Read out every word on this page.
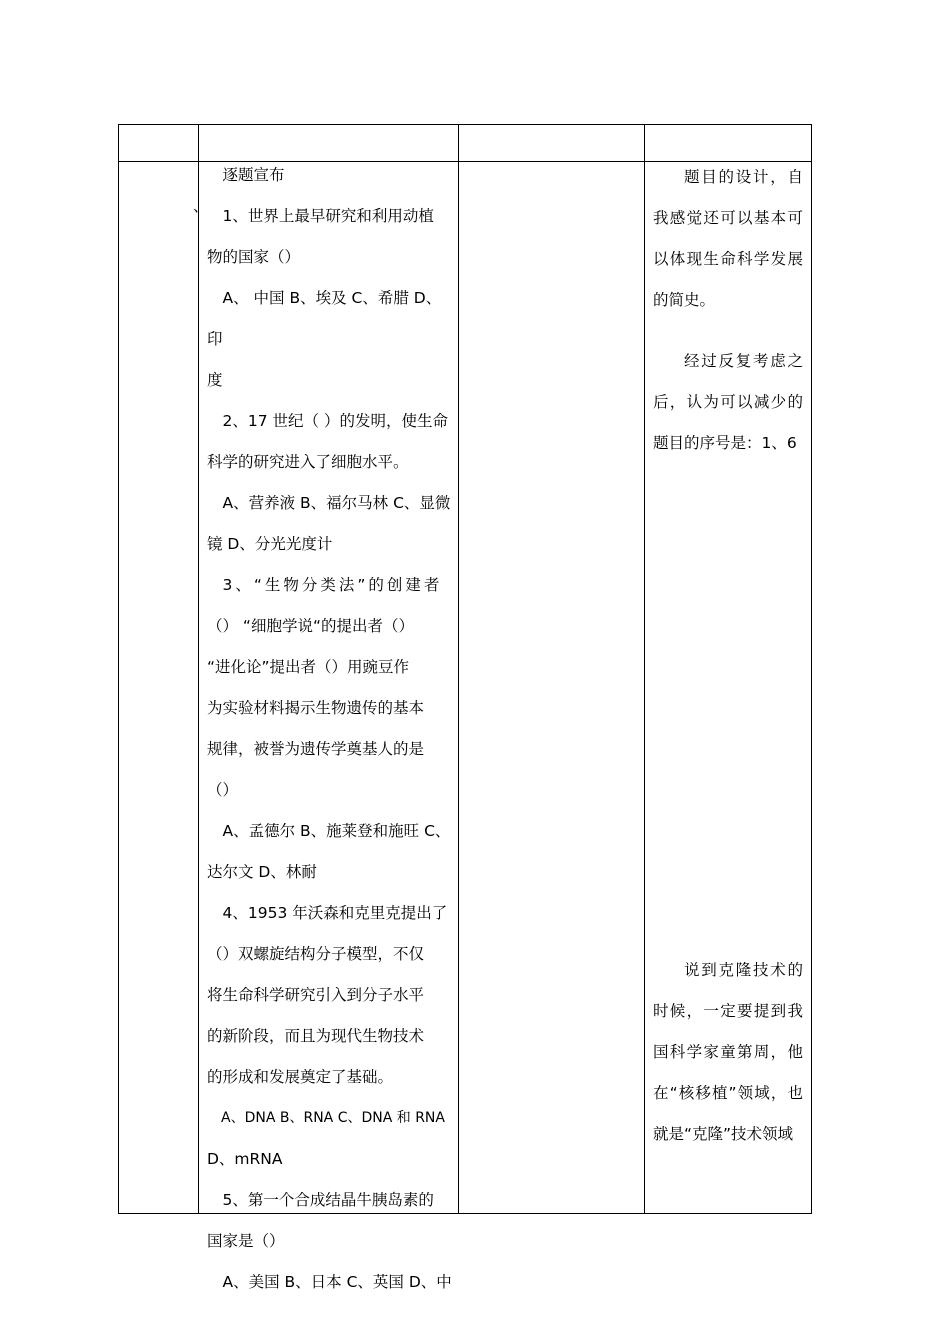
、
逐题宣布
1、世界上最早研究和利用动植
物的国家（）
A、 中国 B、埃及 C、希腊 D、印
度
2、17 世纪（ ）的发明，使生命
科学的研究进入了细胞水平。
A、营养液 B、福尔马林 C、显微
镜 D、分光光度计
3、“生物分类法”的创建者
（） “细胞学说“的提出者（）
“进化论”提出者（）用豌豆作
为实验材料揭示生物遗传的基本
规律，被誉为遗传学奠基人的是
（）
A、孟德尔 B、施莱登和施旺 C、
达尔文 D、林耐
4、1953 年沃森和克里克提出了
（）双螺旋结构分子模型，不仅
将生命科学研究引入到分子水平
的新阶段，而且为现代生物技术
的形成和发展奠定了基础。
A、DNA B、RNA C、DNA 和 RNA
D、mRNA
5、第一个合成结晶牛胰岛素的
国家是（）
A、美国 B、日本 C、英国 D、中

题目的设计，自我感觉还可以基本可以体现生命科学发展的简史。

经过反复考虑之后，认为可以减少的题目的序号是：1、6

说到克隆技术的时候，一定要提到我国科学家童第周，他在“核移植”领域，也就是“克隆”技术领域
